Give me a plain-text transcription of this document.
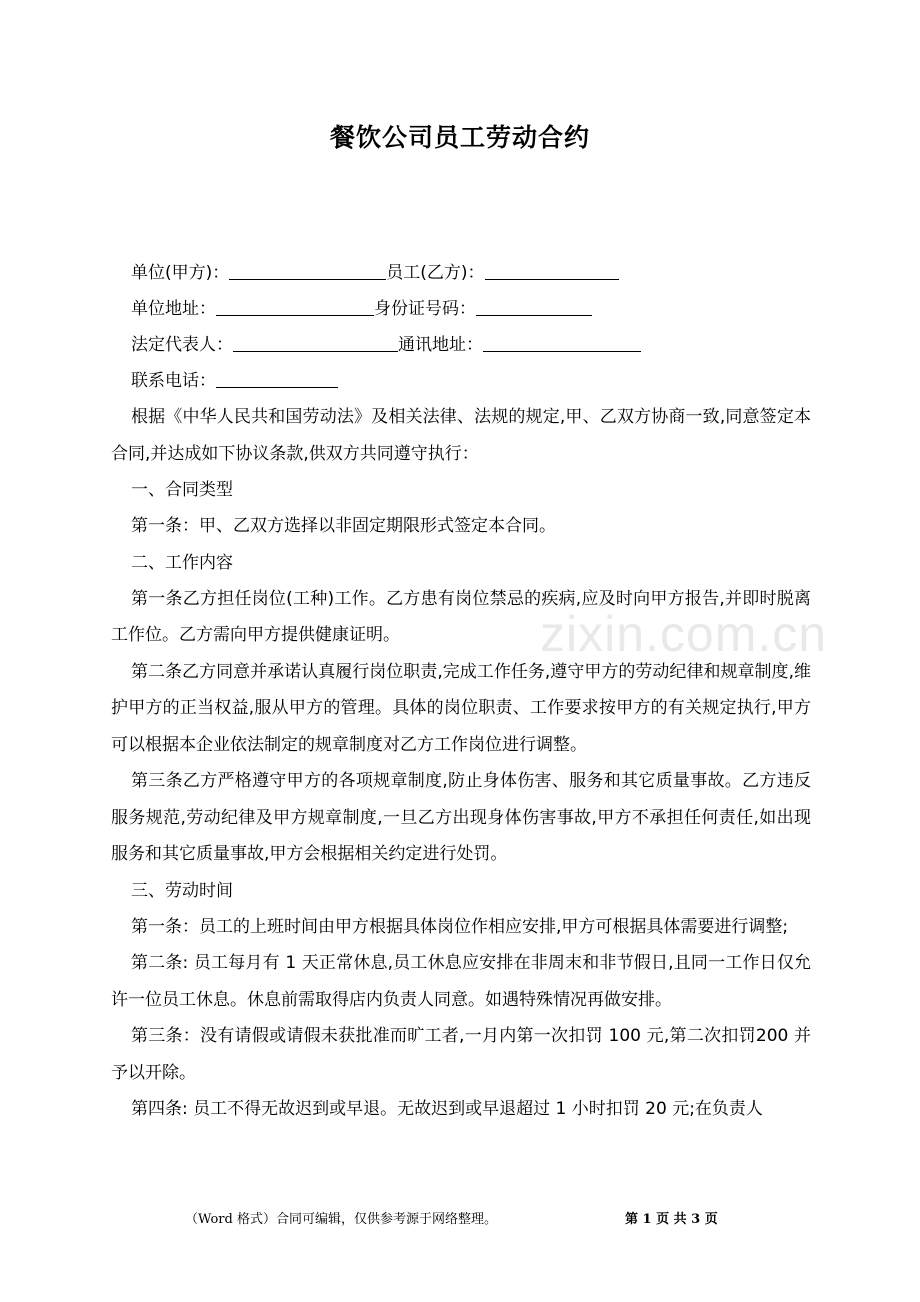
餐饮公司员工劳动合约
zixin.com.cn
单位(甲方)：	员工(乙方)：
单位地址：	身份证号码：
法定代表人：	通讯地址：
联系电话：

根据《中华人民共和国劳动法》及相关法律、法规的规定,甲、乙双方协商一致,同意签定本合同,并达成如下协议条款,供双方共同遵守执行：

一、合同类型

第一条：甲、乙双方选择以非固定期限形式签定本合同。

二、工作内容

第一条乙方担任岗位(工种)工作。乙方患有岗位禁忌的疾病,应及时向甲方报告,并即时脱离工作位。乙方需向甲方提供健康证明。

第二条乙方同意并承诺认真履行岗位职责,完成工作任务,遵守甲方的劳动纪律和规章制度,维护甲方的正当权益,服从甲方的管理。具体的岗位职责、工作要求按甲方的有关规定执行,甲方可以根据本企业依法制定的规章制度对乙方工作岗位进行调整。

第三条乙方严格遵守甲方的各项规章制度,防止身体伤害、服务和其它质量事故。乙方违反服务规范,劳动纪律及甲方规章制度,一旦乙方出现身体伤害事故,甲方不承担任何责任,如出现服务和其它质量事故,甲方会根据相关约定进行处罚。

三、劳动时间

第一条：员工的上班时间由甲方根据具体岗位作相应安排,甲方可根据具体需要进行调整;

第二条: 员工每月有 1 天正常休息,员工休息应安排在非周末和非节假日,且同一工作日仅允许一位员工休息。休息前需取得店内负责人同意。如遇特殊情况再做安排。

第三条：没有请假或请假未获批准而旷工者,一月内第一次扣罚 100 元,第二次扣罚200 并予以开除。

第四条: 员工不得无故迟到或早退。无故迟到或早退超过 1 小时扣罚 20 元;在负责人

（Word 格式）合同可编辑，仅供参考源于网络整理。	第 1 页 共 3 页
